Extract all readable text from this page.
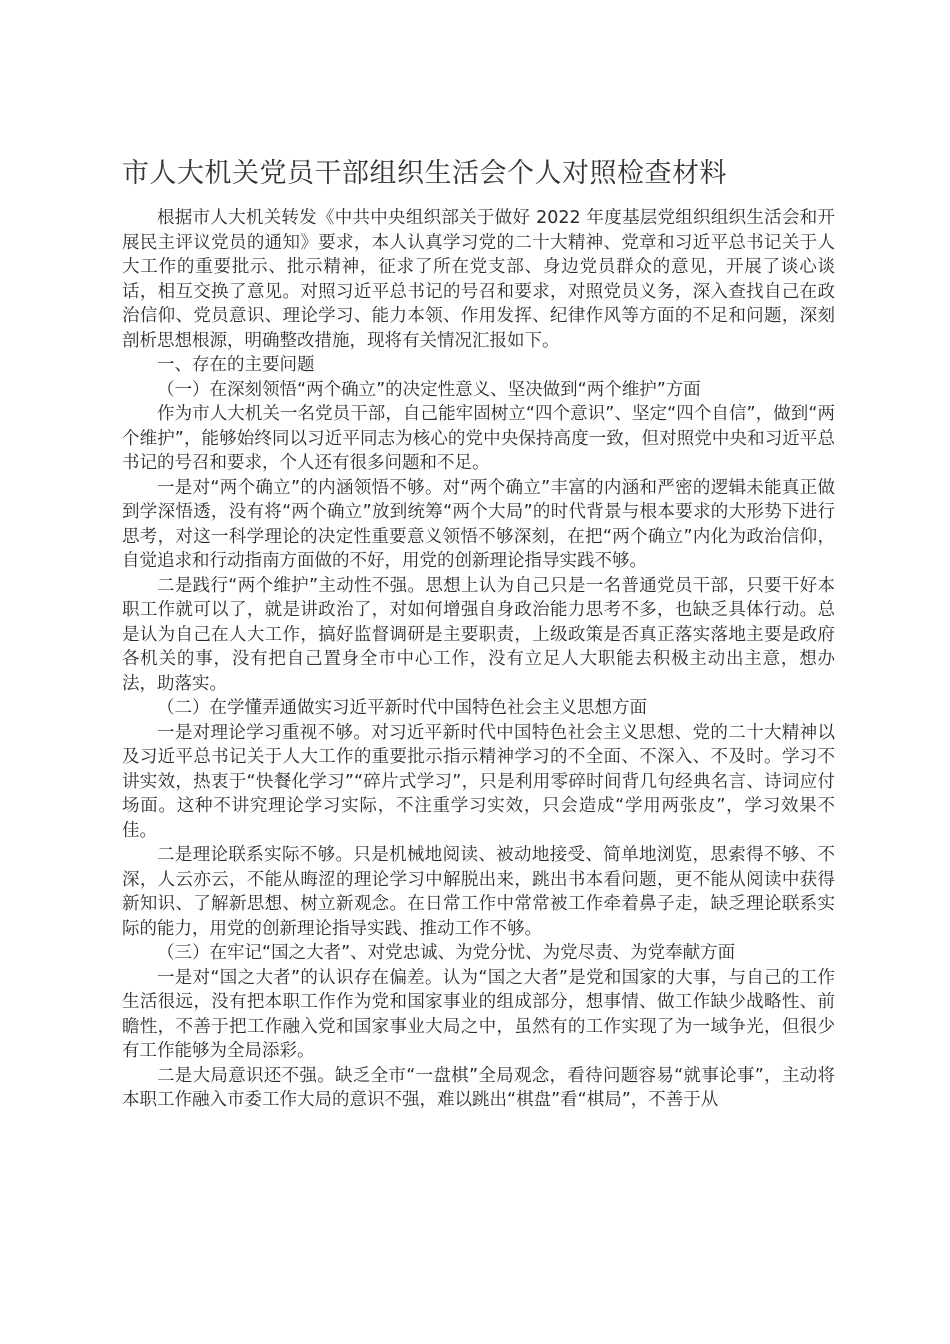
市人大机关党员干部组织生活会个人对照检查材料

根据市人大机关转发《中共中央组织部关于做好 2022 年度基层党组织组织生活会和开展民主评议党员的通知》要求，本人认真学习党的二十大精神、党章和习近平总书记关于人大工作的重要批示、批示精神，征求了所在党支部、身边党员群众的意见，开展了谈心谈话，相互交换了意见。对照习近平总书记的号召和要求，对照党员义务，深入查找自己在政治信仰、党员意识、理论学习、能力本领、作用发挥、纪律作风等方面的不足和问题，深刻剖析思想根源，明确整改措施，现将有关情况汇报如下。

一、存在的主要问题

（一）在深刻领悟“两个确立”的决定性意义、坚决做到“两个维护”方面

作为市人大机关一名党员干部，自己能牢固树立“四个意识”、坚定“四个自信”，做到“两个维护”，能够始终同以习近平同志为核心的党中央保持高度一致，但对照党中央和习近平总书记的号召和要求，个人还有很多问题和不足。

一是对“两个确立”的内涵领悟不够。对“两个确立”丰富的内涵和严密的逻辑未能真正做到学深悟透，没有将“两个确立”放到统筹“两个大局”的时代背景与根本要求的大形势下进行思考，对这一科学理论的决定性重要意义领悟不够深刻，在把“两个确立”内化为政治信仰，自觉追求和行动指南方面做的不好，用党的创新理论指导实践不够。

二是践行“两个维护”主动性不强。思想上认为自己只是一名普通党员干部，只要干好本职工作就可以了，就是讲政治了，对如何增强自身政治能力思考不多，也缺乏具体行动。总是认为自己在人大工作，搞好监督调研是主要职责，上级政策是否真正落实落地主要是政府各机关的事，没有把自己置身全市中心工作，没有立足人大职能去积极主动出主意，想办法，助落实。

（二）在学懂弄通做实习近平新时代中国特色社会主义思想方面

一是对理论学习重视不够。对习近平新时代中国特色社会主义思想、党的二十大精神以及习近平总书记关于人大工作的重要批示指示精神学习的不全面、不深入、不及时。学习不讲实效，热衷于“快餐化学习”“碎片式学习”，只是利用零碎时间背几句经典名言、诗词应付场面。这种不讲究理论学习实际，不注重学习实效，只会造成“学用两张皮”，学习效果不佳。

二是理论联系实际不够。只是机械地阅读、被动地接受、简单地浏览，思索得不够、不深，人云亦云，不能从晦涩的理论学习中解脱出来，跳出书本看问题，更不能从阅读中获得新知识、了解新思想、树立新观念。在日常工作中常常被工作牵着鼻子走，缺乏理论联系实际的能力，用党的创新理论指导实践、推动工作不够。

（三）在牢记“国之大者”、对党忠诚、为党分忧、为党尽责、为党奉献方面

一是对“国之大者”的认识存在偏差。认为“国之大者”是党和国家的大事，与自己的工作生活很远，没有把本职工作作为党和国家事业的组成部分，想事情、做工作缺少战略性、前瞻性，不善于把工作融入党和国家事业大局之中，虽然有的工作实现了为一域争光，但很少有工作能够为全局添彩。

二是大局意识还不强。缺乏全市“一盘棋”全局观念，看待问题容易“就事论事”，主动将本职工作融入市委工作大局的意识不强，难以跳出“棋盘”看“棋局”，不善于从
